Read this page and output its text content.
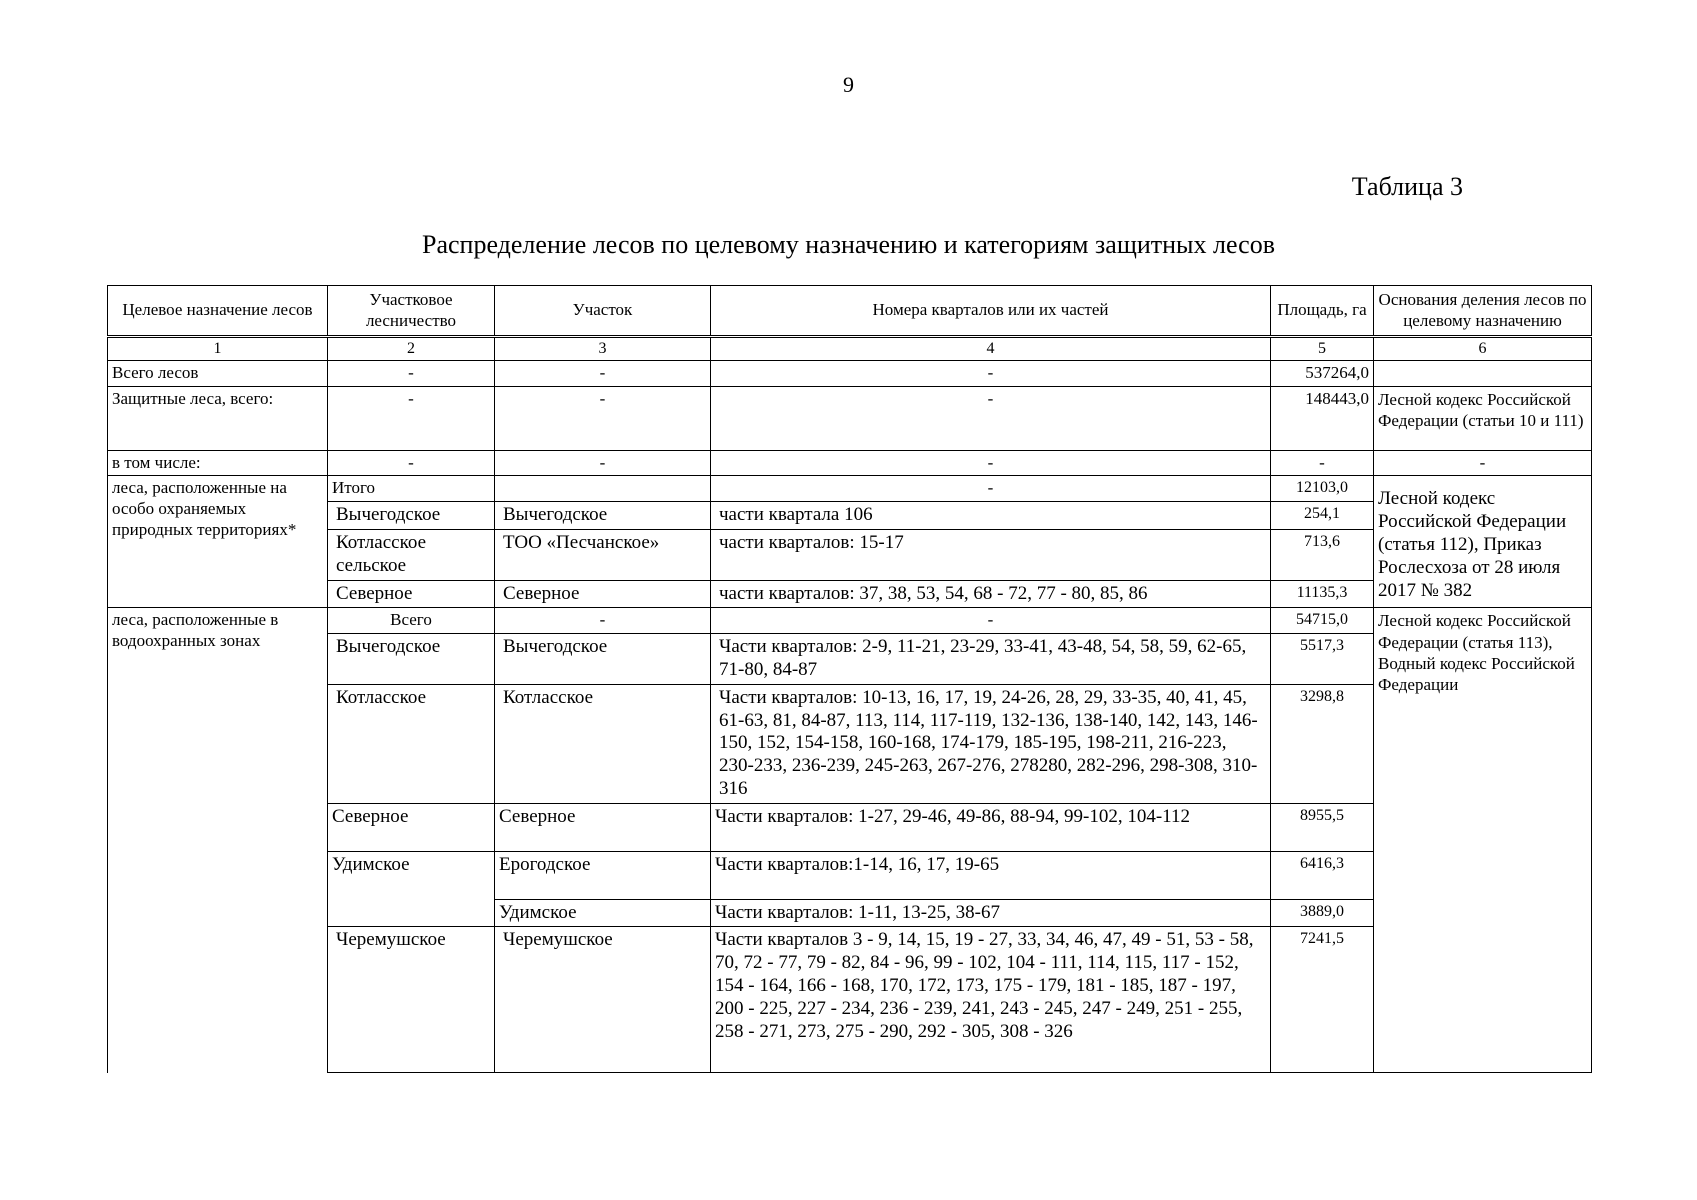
9
Таблица 3
Распределение лесов по целевому назначению и категориям защитных лесов
Целевое назначение лесов	Участковое лесничество	Участок	Номера кварталов или их частей	Площадь, га	Основания деления лесов по целевому назначению
1	2	3	4	5	6
Всего лесов	-	-	-	537264,0	
Защитные леса, всего:	-	-	-	148443,0	Лесной кодекс Российской Федерации (статьи 10 и 111)
в том числе:	-	-	-	-	-
леса, расположенные на особо охраняемых природных территориях*	Итого		-	12103,0	Лесной кодекс Российской Федерации (статья 112), Приказ Рослесхоза от 28 июля 2017 № 382
	Вычегодское	Вычегодское	части квартала 106	254,1	
	Котласское сельское	ТОО «Песчанское»	части кварталов: 15-17	713,6	
	Северное	Северное	части кварталов: 37, 38, 53, 54, 68 - 72, 77 - 80, 85, 86	11135,3	
леса, расположенные в водоохранных зонах	Всего	-	-	54715,0	Лесной кодекс Российской Федерации (статья 113), Водный кодекс Российской Федерации
	Вычегодское	Вычегодское	Части кварталов: 2-9, 11-21, 23-29, 33-41, 43-48, 54, 58, 59, 62-65, 71-80, 84-87	5517,3	
	Котласское	Котласское	Части кварталов: 10-13, 16, 17, 19, 24-26, 28, 29, 33-35, 40, 41, 45, 61-63, 81, 84-87, 113, 114, 117-119, 132-136, 138-140, 142, 143, 146-150, 152, 154-158, 160-168, 174-179, 185-195, 198-211, 216-223, 230-233, 236-239, 245-263, 267-276, 278280, 282-296, 298-308, 310-316	3298,8	
	Северное	Северное	Части кварталов: 1-27, 29-46, 49-86, 88-94, 99-102, 104-112	8955,5	
	Удимское	Ерогодское	Части кварталов:1-14, 16, 17, 19-65	6416,3	
		Удимское	Части кварталов: 1-11, 13-25, 38-67	3889,0	
	Черемушское	Черемушское	Части кварталов 3 - 9, 14, 15, 19 - 27, 33, 34, 46, 47, 49 - 51, 53 - 58, 70, 72 - 77, 79 - 82, 84 - 96, 99 - 102, 104 - 111, 114, 115, 117 - 152, 154 - 164, 166 - 168, 170, 172, 173, 175 - 179, 181 - 185, 187 - 197, 200 - 225, 227 - 234, 236 - 239, 241, 243 - 245, 247 - 249, 251 - 255, 258 - 271, 273, 275 - 290, 292 - 305, 308 - 326	7241,5	
